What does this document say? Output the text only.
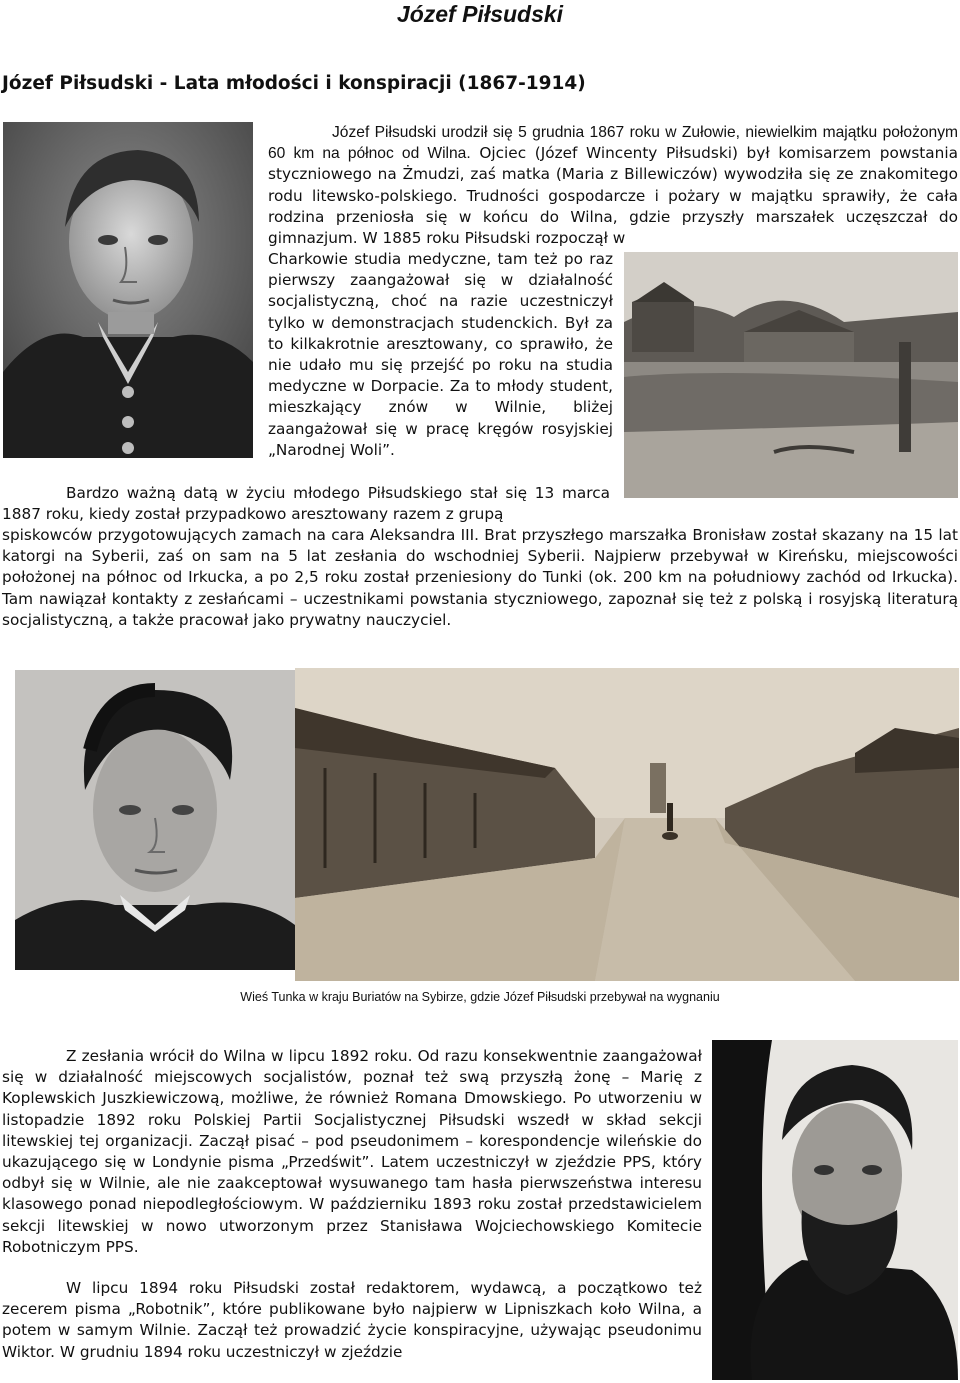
Józef Piłsudski
Józef Piłsudski - Lata młodości i konspiracji (1867-1914)

Józef Piłsudski urodził się 5 grudnia 1867 roku w Zułowie, niewielkim majątku położonym 60 km na północ od Wilna. Ojciec (Józef Wincenty Piłsudski) był komisarzem powstania styczniowego na Żmudzi, zaś matka (Maria z Billewiczów) wywodziła się ze znakomitego rodu litewsko-polskiego. Trudności gospodarcze i pożary w majątku sprawiły, że cała rodzina przeniosła się w końcu do Wilna, gdzie przyszły marszałek uczęszczał do gimnazjum. W 1885 roku Piłsudski rozpoczął w

Charkowie studia medyczne, tam też po raz pierwszy zaangażował się w działalność socjalistyczną, choć na razie uczestniczył tylko w demonstracjach studenckich. Był za to kilkakrotnie aresztowany, co sprawiło, że nie udało mu się przejść po roku na studia medyczne w Dorpacie. Za to młody student, mieszkający znów w Wilnie, bliżej zaangażował się w pracę kręgów rosyjskiej „Narodnej Woli”.

Bardzo ważną datą w życiu młodego Piłsudskiego stał się 13 marca 1887 roku, kiedy został przypadkowo aresztowany razem z grupą

spiskowców przygotowujących zamach na cara Aleksandra III. Brat przyszłego marszałka Bronisław został skazany na 15 lat katorgi na Syberii, zaś on sam na 5 lat zesłania do wschodniej Syberii. Najpierw przebywał w Kireńsku, miejscowości położonej na północ od Irkucka, a po 2,5 roku został przeniesiony do Tunki (ok. 200 km na południowy zachód od Irkucka). Tam nawiązał kontakty z zesłańcami – uczestnikami powstania styczniowego, zapoznał się też z polską i rosyjską literaturą socjalistyczną, a także pracował jako prywatny nauczyciel.

Wieś Tunka w kraju Buriatów na Sybirze, gdzie Józef Piłsudski przebywał na wygnaniu

Z zesłania wrócił do Wilna w lipcu 1892 roku. Od razu konsekwentnie zaangażował się w działalność miejscowych socjalistów, poznał też swą przyszłą żonę – Marię z Koplewskich Juszkiewiczową, możliwe, że również Romana Dmowskiego. Po utworzeniu w listopadzie 1892 roku Polskiej Partii Socjalistycznej Piłsudski wszedł w skład sekcji litewskiej tej organizacji. Zaczął pisać – pod pseudonimem – korespondencje wileńskie do ukazującego się w Londynie pisma „Przedświt”. Latem uczestniczył w zjeździe PPS, który odbył się w Wilnie, ale nie zaakceptował wysuwanego tam hasła pierwszeństwa interesu klasowego ponad niepodległościowym. W październiku 1893 roku został przedstawicielem sekcji litewskiej w nowo utworzonym przez Stanisława Wojciechowskiego Komitecie Robotniczym PPS.

W lipcu 1894 roku Piłsudski został redaktorem, wydawcą, a początkowo też zecerem pisma „Robotnik”, które publikowane było najpierw w Lipniszkach koło Wilna, a potem w samym Wilnie. Zaczął też prowadzić życie konspiracyjne, używając pseudonimu Wiktor. W grudniu 1894 roku uczestniczył w zjeździe
